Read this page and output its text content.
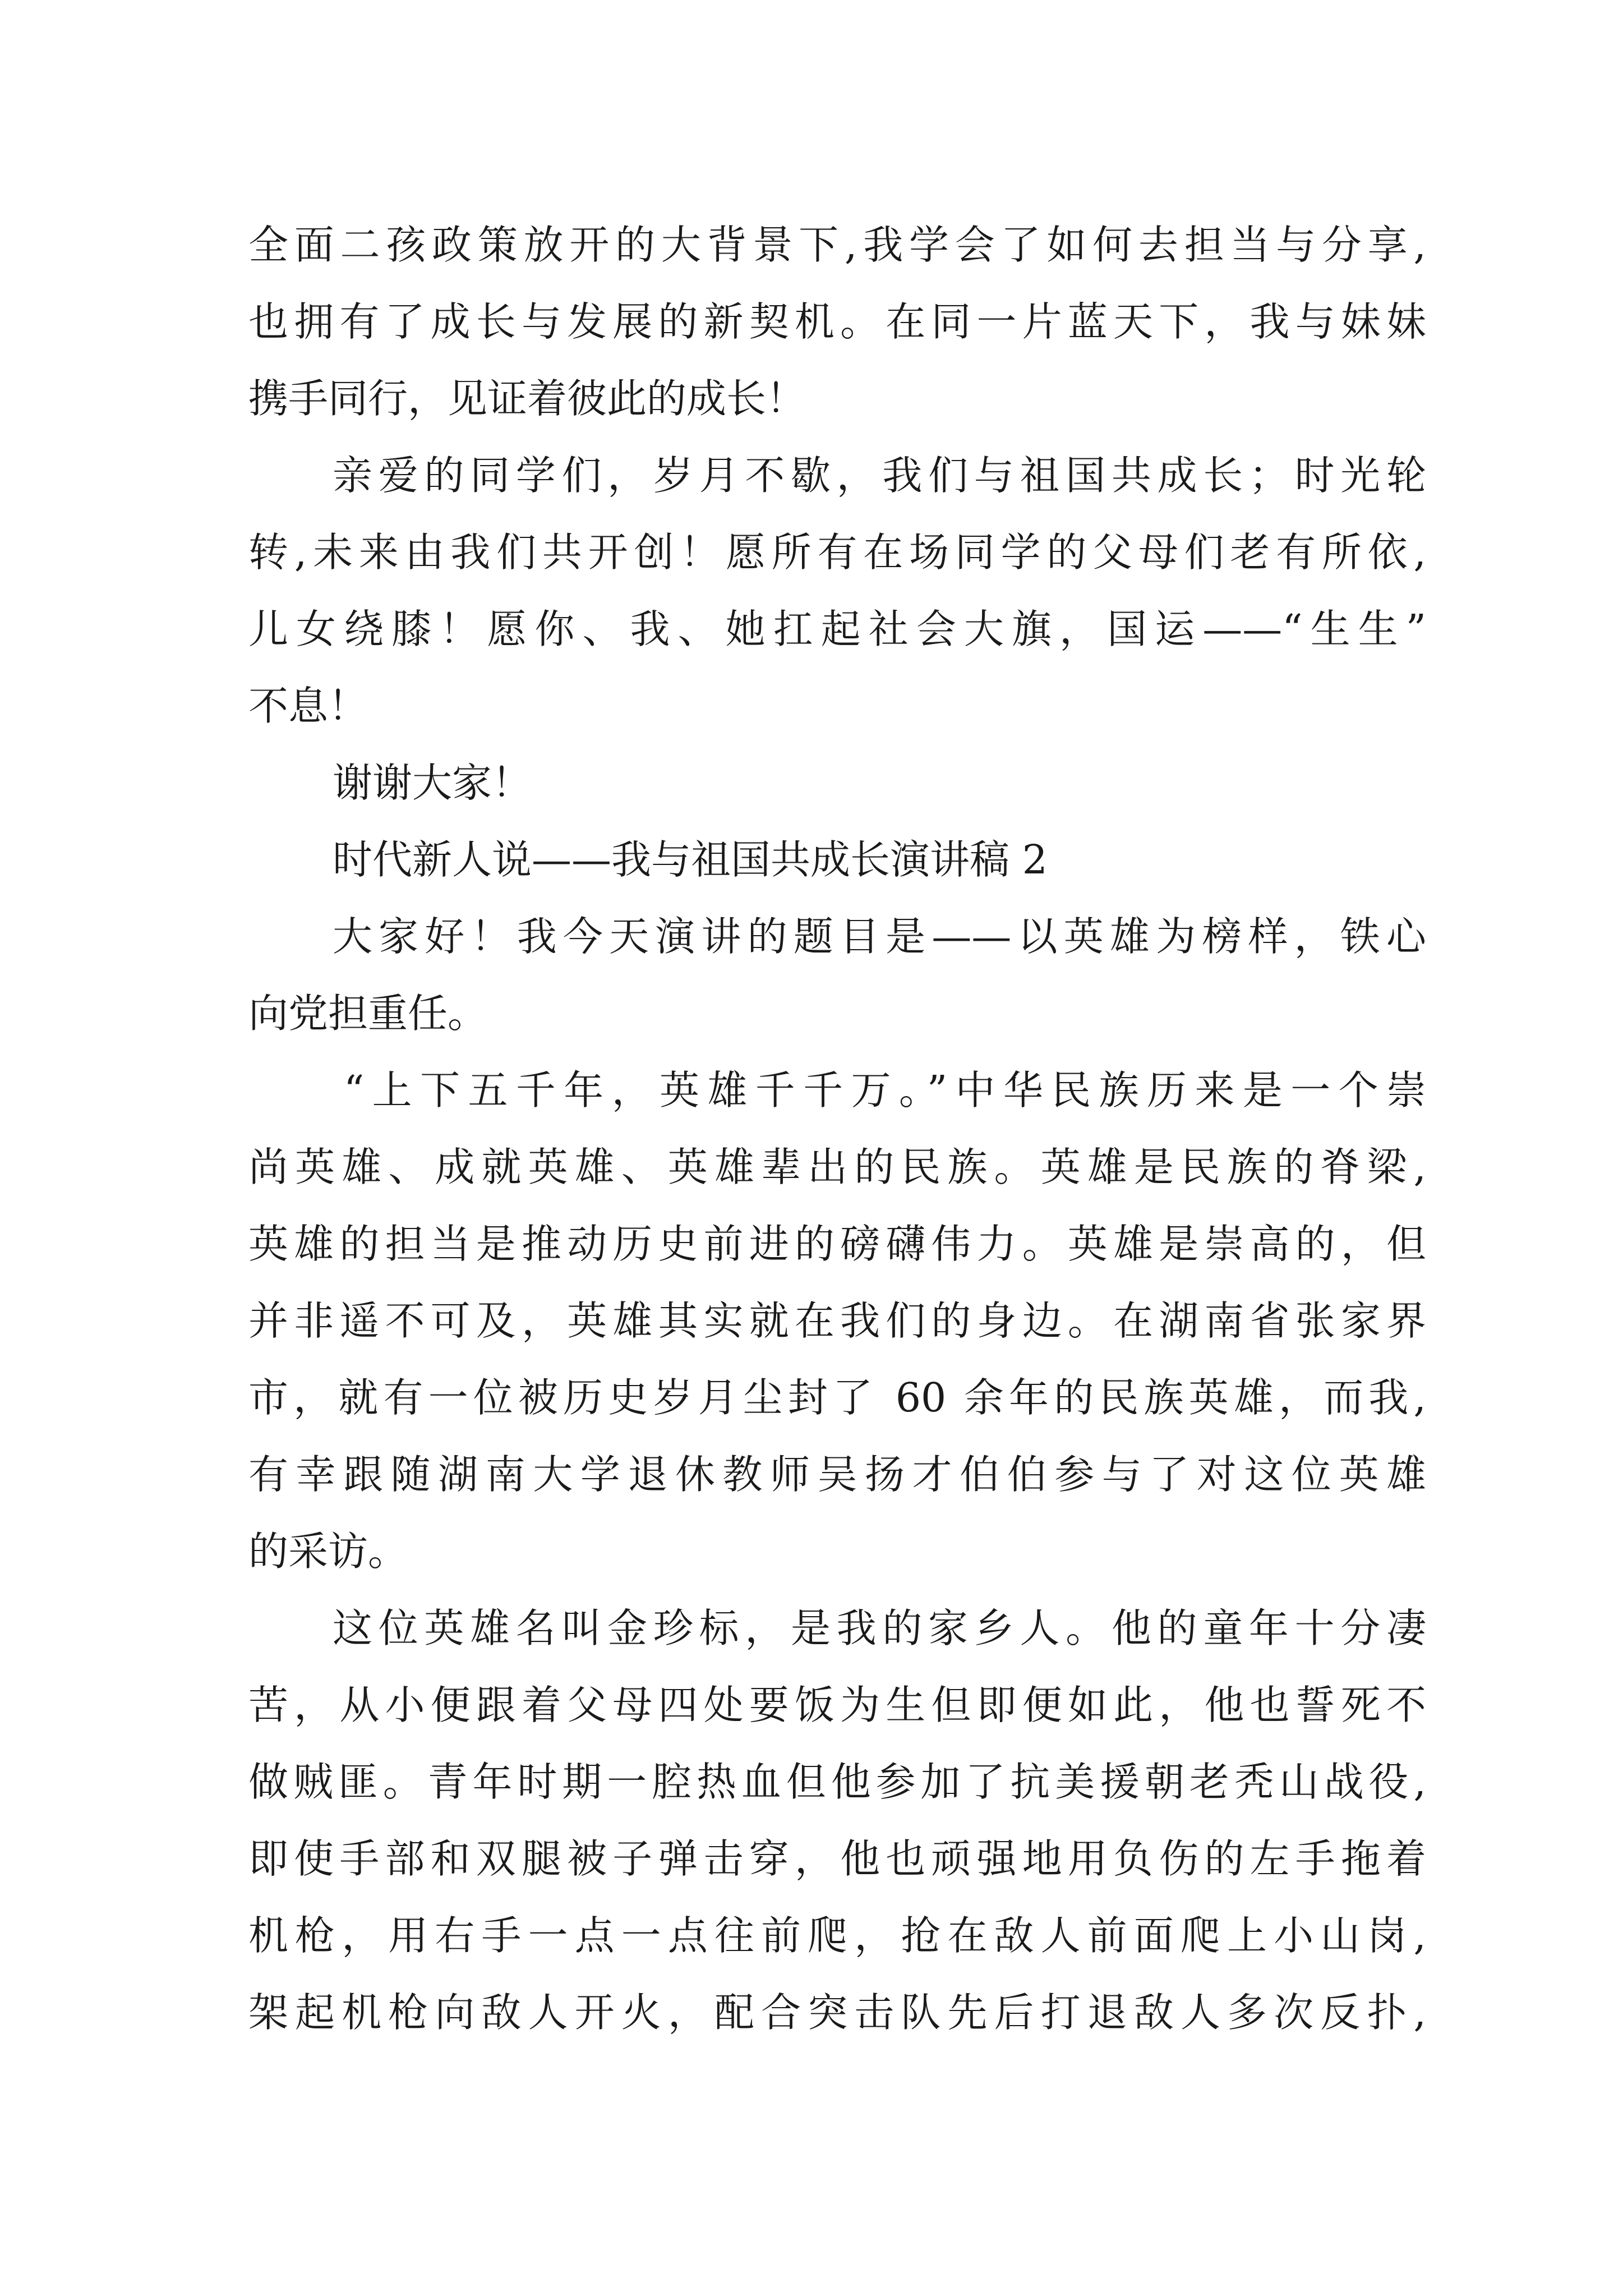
全面二孩政策放开的大背景下,我学会了如何去担当与分享,
也拥有了成长与发展的新契机。在同一片蓝天下，我与妹妹
携手同行，见证着彼此的成长！
亲爱的同学们，岁月不歇，我们与祖国共成长；时光轮
转,未来由我们共开创！愿所有在场同学的父母们老有所依,
儿女绕膝！愿你、我、她扛起社会大旗，国运——“生生”
不息！
谢谢大家！
时代新人说——我与祖国共成长演讲稿 2
大家好！我今天演讲的题目是——以英雄为榜样，铁心
向党担重任。
“上下五千年，英雄千千万。”中华民族历来是一个崇
尚英雄、成就英雄、英雄辈出的民族。英雄是民族的脊梁,
英雄的担当是推动历史前进的磅礴伟力。英雄是崇高的，但
并非遥不可及，英雄其实就在我们的身边。在湖南省张家界
市，就有一位被历史岁月尘封了 60 余年的民族英雄，而我,
有幸跟随湖南大学退休教师吴扬才伯伯参与了对这位英雄
的采访。
这位英雄名叫金珍标，是我的家乡人。他的童年十分凄
苦，从小便跟着父母四处要饭为生但即便如此，他也誓死不
做贼匪。青年时期一腔热血但他参加了抗美援朝老秃山战役,
即使手部和双腿被子弹击穿，他也顽强地用负伤的左手拖着
机枪，用右手一点一点往前爬，抢在敌人前面爬上小山岗,
架起机枪向敌人开火，配合突击队先后打退敌人多次反扑,
